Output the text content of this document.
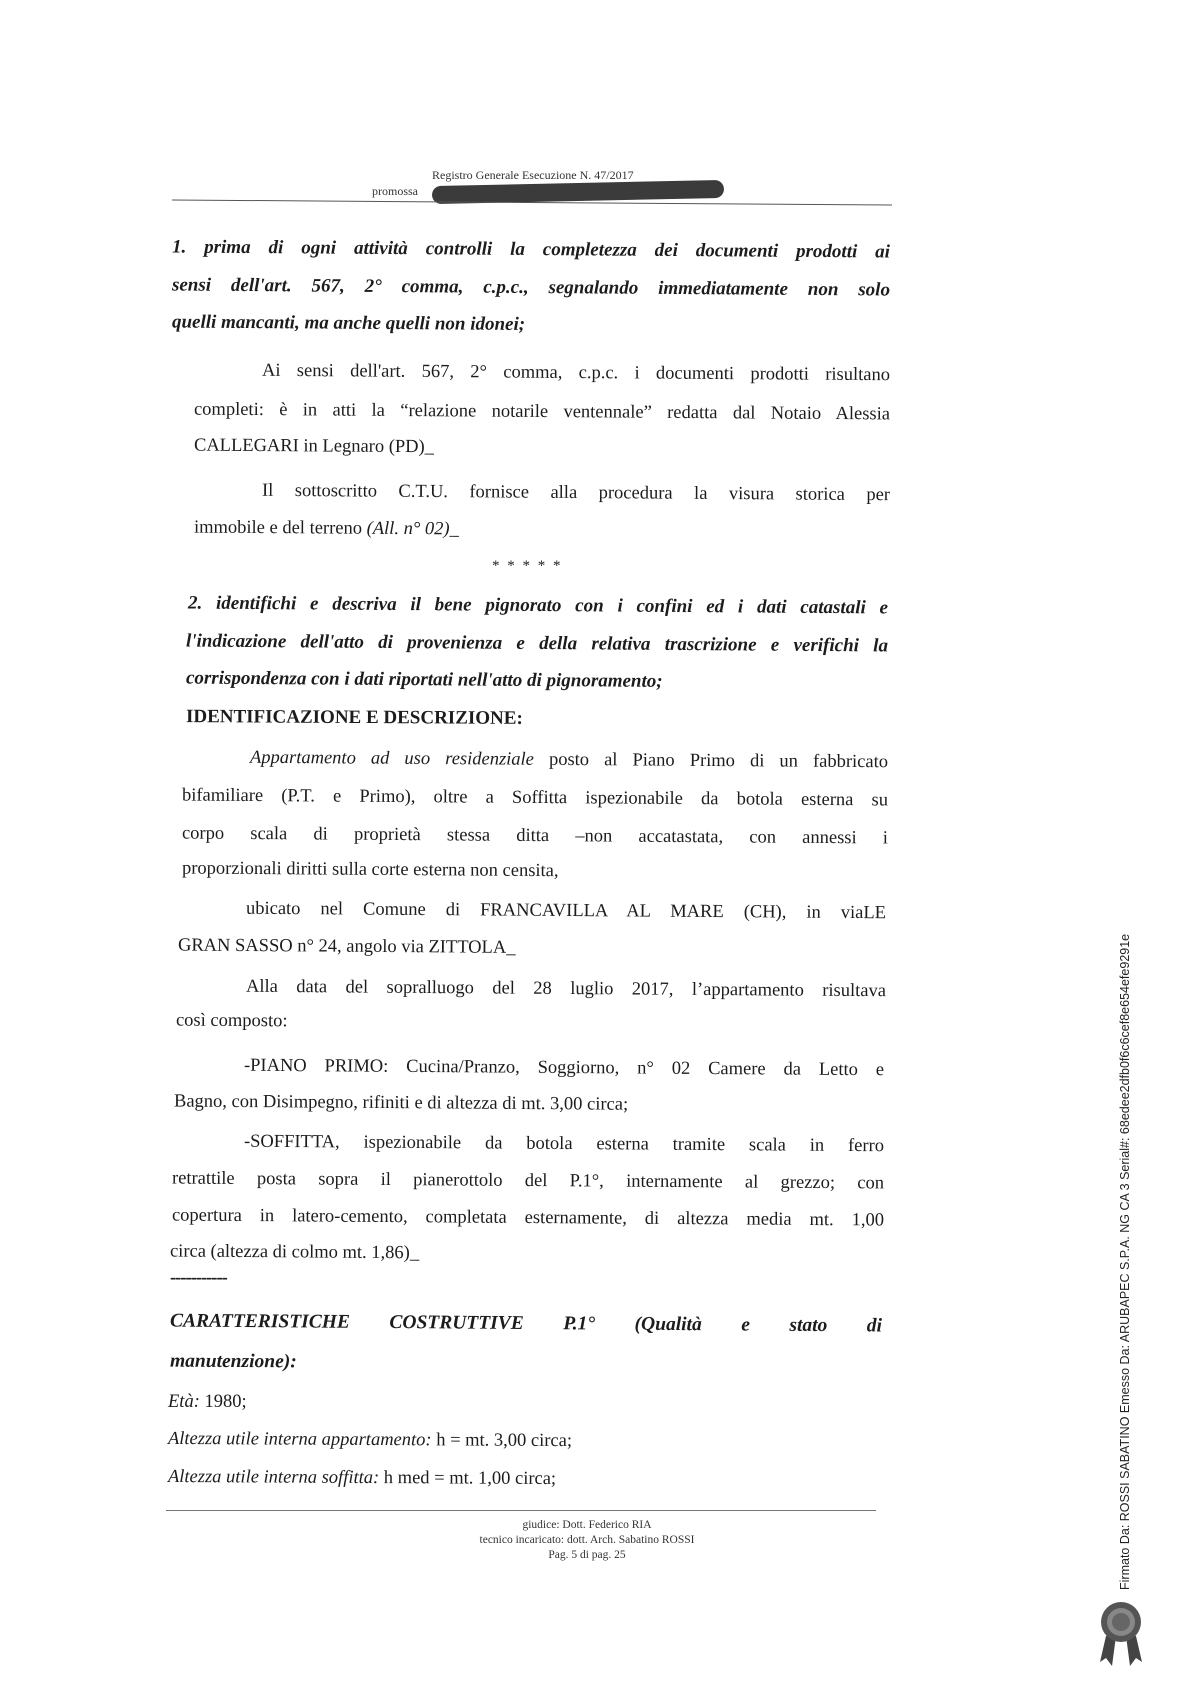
Registro Generale Esecuzione N. 47/2017
promossa
1. prima di ogni attività controlli la completezza dei documenti prodotti ai
sensi dell'art. 567, 2° comma, c.p.c., segnalando immediatamente non solo
quelli mancanti, ma anche quelli non idonei;
Ai sensi dell'art. 567, 2° comma, c.p.c. i documenti prodotti risultano
completi: è in atti la “relazione notarile ventennale” redatta dal Notaio Alessia
CALLEGARI in Legnaro (PD)_
Il sottoscritto C.T.U. fornisce alla procedura la visura storica per
immobile e del terreno (All. n° 02)_
* * * * *
2. identifichi e descriva il bene pignorato con i confini ed i dati catastali e
l'indicazione dell'atto di provenienza e della relativa trascrizione e verifichi la
corrispondenza con i dati riportati nell'atto di pignoramento;
IDENTIFICAZIONE E DESCRIZIONE:
Appartamento ad uso residenziale posto al Piano Primo di un fabbricato
bifamiliare (P.T. e Primo), oltre a Soffitta ispezionabile da botola esterna su
corpo scala di proprietà stessa ditta –non accatastata, con annessi i
proporzionali diritti sulla corte esterna non censita,
ubicato nel Comune di FRANCAVILLA AL MARE (CH), in viaLE
GRAN SASSO n° 24, angolo via ZITTOLA_
Alla data del sopralluogo del 28 luglio 2017, l’appartamento risultava
così composto:
-PIANO PRIMO: Cucina/Pranzo, Soggiorno, n° 02 Camere da Letto e
Bagno, con Disimpegno, rifiniti e di altezza di mt. 3,00 circa;
-SOFFITTA, ispezionabile da botola esterna tramite scala in ferro
retrattile posta sopra il pianerottolo del P.1°, internamente al grezzo; con
copertura in latero-cemento, completata esternamente, di altezza media mt. 1,00
circa (altezza di colmo mt. 1,86)_
-----------
CARATTERISTICHE COSTRUTTIVE P.1° (Qualità e stato di
manutenzione):
Età: 1980;
Altezza utile interna appartamento: h = mt. 3,00 circa;
Altezza utile interna soffitta: h med = mt. 1,00 circa;
giudice: Dott. Federico RIA
tecnico incaricato: dott. Arch. Sabatino ROSSI
Pag. 5 di pag. 25	Firmato Da: ROSSI SABATINO Emesso Da: ARUBAPEC S.P.A. NG CA 3 Serial#: 68edee2dfb0f6c6cef8e654efe9291e
